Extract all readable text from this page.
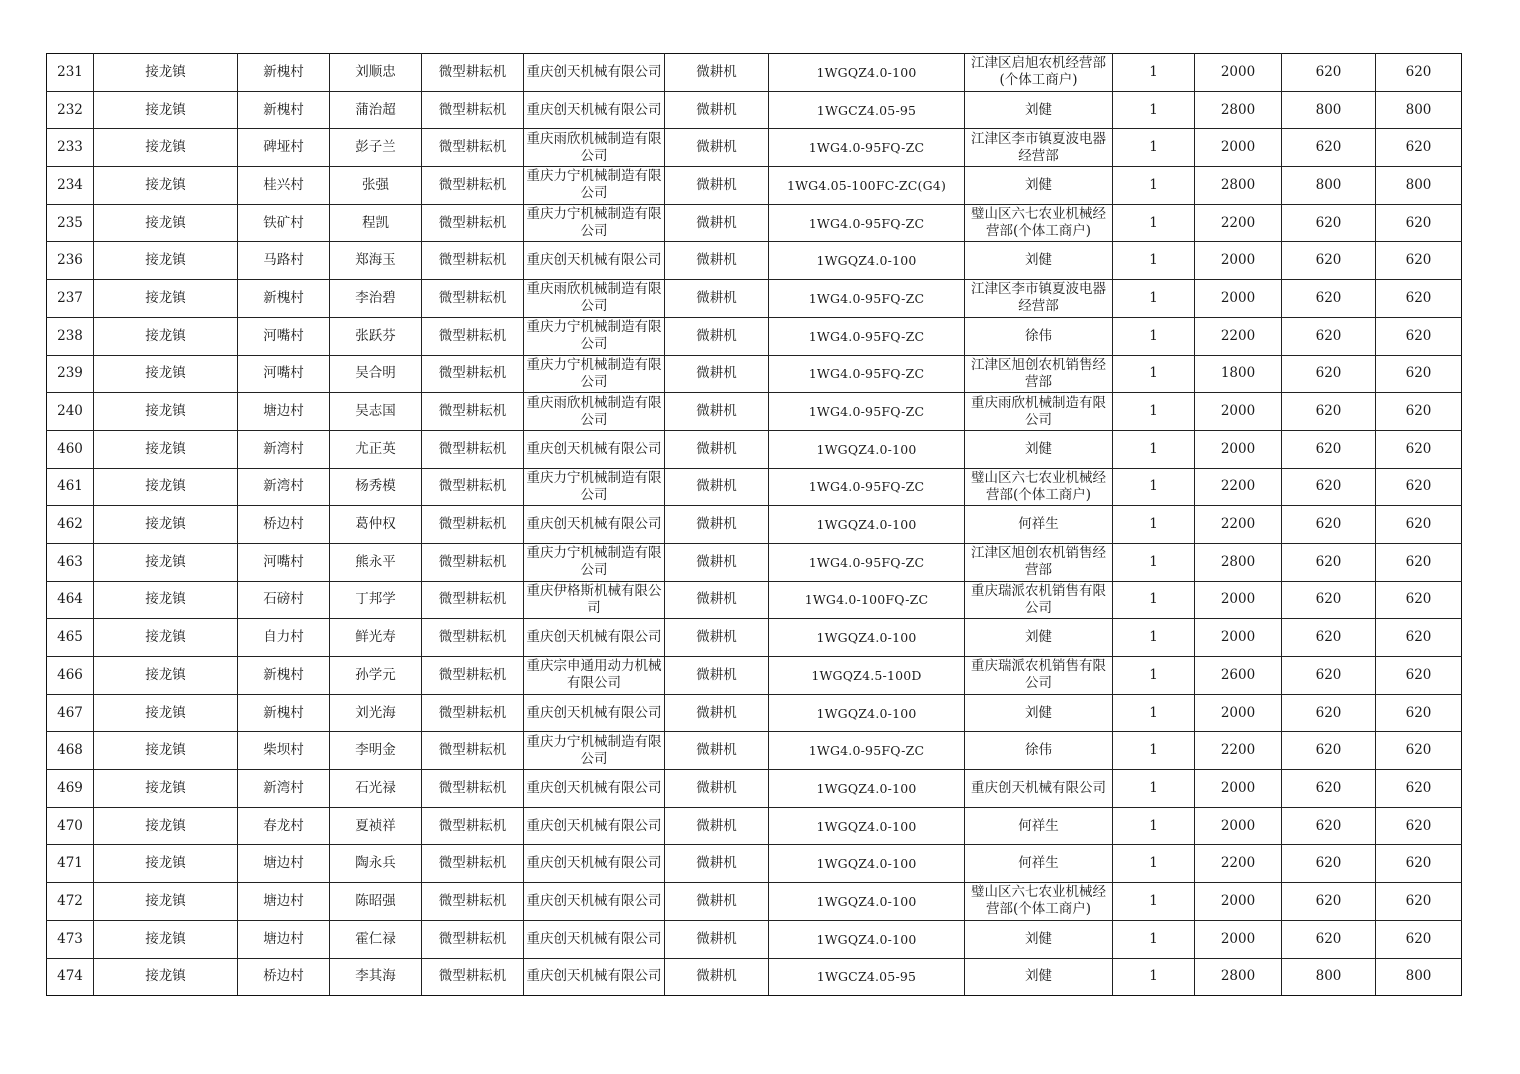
231	接龙镇	新槐村	刘顺忠	微型耕耘机	重庆创天机械有限公司	微耕机	1WGQZ4.0-100	江津区启旭农机经营部(个体工商户)	1	2000	620	620
232	接龙镇	新槐村	蒲治超	微型耕耘机	重庆创天机械有限公司	微耕机	1WGCZ4.05-95	刘健	1	2800	800	800
233	接龙镇	碑垭村	彭子兰	微型耕耘机	重庆雨欣机械制造有限公司	微耕机	1WG4.0-95FQ-ZC	江津区李市镇夏波电器经营部	1	2000	620	620
234	接龙镇	桂兴村	张强	微型耕耘机	重庆力宁机械制造有限公司	微耕机	1WG4.05-100FC-ZC(G4)	刘健	1	2800	800	800
235	接龙镇	铁矿村	程凯	微型耕耘机	重庆力宁机械制造有限公司	微耕机	1WG4.0-95FQ-ZC	璧山区六七农业机械经营部(个体工商户)	1	2200	620	620
236	接龙镇	马路村	郑海玉	微型耕耘机	重庆创天机械有限公司	微耕机	1WGQZ4.0-100	刘健	1	2000	620	620
237	接龙镇	新槐村	李治碧	微型耕耘机	重庆雨欣机械制造有限公司	微耕机	1WG4.0-95FQ-ZC	江津区李市镇夏波电器经营部	1	2000	620	620
238	接龙镇	河嘴村	张跃芬	微型耕耘机	重庆力宁机械制造有限公司	微耕机	1WG4.0-95FQ-ZC	徐伟	1	2200	620	620
239	接龙镇	河嘴村	吴合明	微型耕耘机	重庆力宁机械制造有限公司	微耕机	1WG4.0-95FQ-ZC	江津区旭创农机销售经营部	1	1800	620	620
240	接龙镇	塘边村	吴志国	微型耕耘机	重庆雨欣机械制造有限公司	微耕机	1WG4.0-95FQ-ZC	重庆雨欣机械制造有限公司	1	2000	620	620
460	接龙镇	新湾村	尤正英	微型耕耘机	重庆创天机械有限公司	微耕机	1WGQZ4.0-100	刘健	1	2000	620	620
461	接龙镇	新湾村	杨秀模	微型耕耘机	重庆力宁机械制造有限公司	微耕机	1WG4.0-95FQ-ZC	璧山区六七农业机械经营部(个体工商户)	1	2200	620	620
462	接龙镇	桥边村	葛仲权	微型耕耘机	重庆创天机械有限公司	微耕机	1WGQZ4.0-100	何祥生	1	2200	620	620
463	接龙镇	河嘴村	熊永平	微型耕耘机	重庆力宁机械制造有限公司	微耕机	1WG4.0-95FQ-ZC	江津区旭创农机销售经营部	1	2800	620	620
464	接龙镇	石磅村	丁邦学	微型耕耘机	重庆伊格斯机械有限公司	微耕机	1WG4.0-100FQ-ZC	重庆瑞派农机销售有限公司	1	2000	620	620
465	接龙镇	自力村	鲜光寿	微型耕耘机	重庆创天机械有限公司	微耕机	1WGQZ4.0-100	刘健	1	2000	620	620
466	接龙镇	新槐村	孙学元	微型耕耘机	重庆宗申通用动力机械有限公司	微耕机	1WGQZ4.5-100D	重庆瑞派农机销售有限公司	1	2600	620	620
467	接龙镇	新槐村	刘光海	微型耕耘机	重庆创天机械有限公司	微耕机	1WGQZ4.0-100	刘健	1	2000	620	620
468	接龙镇	柴坝村	李明金	微型耕耘机	重庆力宁机械制造有限公司	微耕机	1WG4.0-95FQ-ZC	徐伟	1	2200	620	620
469	接龙镇	新湾村	石光禄	微型耕耘机	重庆创天机械有限公司	微耕机	1WGQZ4.0-100	重庆创天机械有限公司	1	2000	620	620
470	接龙镇	春龙村	夏祯祥	微型耕耘机	重庆创天机械有限公司	微耕机	1WGQZ4.0-100	何祥生	1	2000	620	620
471	接龙镇	塘边村	陶永兵	微型耕耘机	重庆创天机械有限公司	微耕机	1WGQZ4.0-100	何祥生	1	2200	620	620
472	接龙镇	塘边村	陈昭强	微型耕耘机	重庆创天机械有限公司	微耕机	1WGQZ4.0-100	璧山区六七农业机械经营部(个体工商户)	1	2000	620	620
473	接龙镇	塘边村	霍仁禄	微型耕耘机	重庆创天机械有限公司	微耕机	1WGQZ4.0-100	刘健	1	2000	620	620
474	接龙镇	桥边村	李其海	微型耕耘机	重庆创天机械有限公司	微耕机	1WGCZ4.05-95	刘健	1	2800	800	800
